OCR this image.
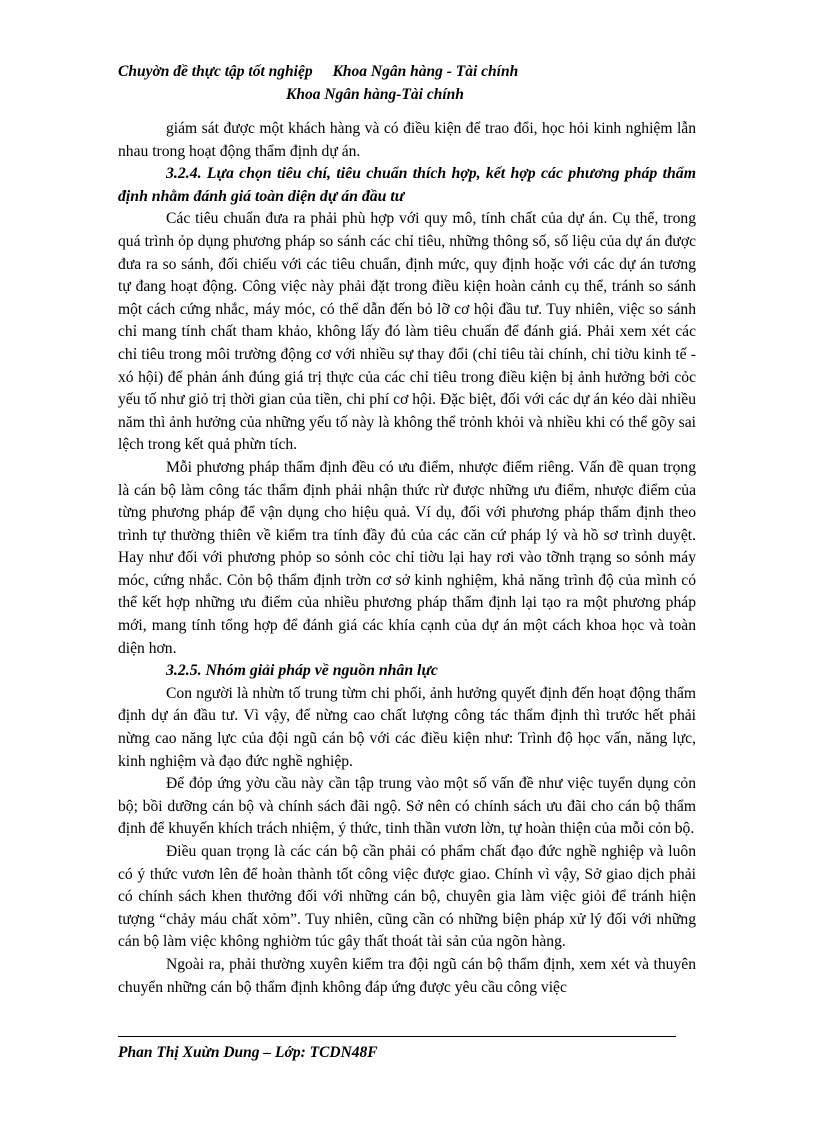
Chuyờn đề thực tập tốt nghiệp Khoa Ngân hàng - Tài chính
Khoa Ngân hàng-Tài chính

giám sát được một khách hàng và có điều kiện để trao đổi, học hỏi kinh nghiệm lẫn nhau trong hoạt động thẩm định dự án.

3.2.4. Lựa chọn tiêu chí, tiêu chuẩn thích hợp, kết hợp các phương pháp thẩm định nhằm đánh giá toàn diện dự án đầu tư

Các tiêu chuẩn đưa ra phải phù hợp với quy mô, tính chất của dự án. Cụ thể, trong quá trình ỏp dụng phương pháp so sánh các chỉ tiêu, những thông số, số liệu của dự án được đưa ra so sánh, đối chiếu với các tiêu chuẩn, định mức, quy định hoặc với các dự án tương tự đang hoạt động. Công việc này phải đặt trong điều kiện hoàn cảnh cụ thể, tránh so sánh một cách cứng nhắc, máy móc, có thể dẫn đến bỏ lỡ cơ hội đầu tư. Tuy nhiên, việc so sánh chỉ mang tính chất tham khảo, không lấy đó làm tiêu chuẩn để đánh giá. Phải xem xét các chỉ tiêu trong môi trường động cơ với nhiều sự thay đổi (chỉ tiêu tài chính, chỉ tiờu kinh tế - xó hội) để phản ánh đúng giá trị thực của các chỉ tiêu trong điều kiện bị ảnh hưởng bởi cỏc yếu tố như giỏ trị thời gian của tiền, chi phí cơ hội. Đặc biệt, đối với các dự án kéo dài nhiều năm thì ảnh hưởng của những yếu tố này là không thể trỏnh khỏi và nhiều khi có thể gõy sai lệch trong kết quả phừn tích.

Mỗi phương pháp thẩm định đều có ưu điểm, nhược điểm riêng. Vấn đề quan trọng là cán bộ làm công tác thẩm định phải nhận thức rừ được những ưu điểm, nhược điểm của từng phương pháp để vận dụng cho hiệu quả. Ví dụ, đối với phương pháp thẩm định theo trình tự thường thiên về kiểm tra tính đầy đủ của các căn cứ pháp lý và hồ sơ trình duyệt. Hay như đối với phương phỏp so sỏnh cỏc chỉ tiờu lại hay rơi vào tỡnh trạng so sỏnh máy móc, cứng nhắc. Cỏn bộ thẩm định trờn cơ sở kinh nghiệm, khả năng trình độ của mình có thể kết hợp những ưu điểm của nhiều phương pháp thẩm định lại tạo ra một phương pháp mới, mang tính tổng hợp để đánh giá các khía cạnh của dự án một cách khoa học và toàn diện hơn.

3.2.5. Nhóm giải pháp về nguồn nhân lực

Con người là nhừn tố trung từm chi phối, ảnh hưởng quyết định đến hoạt động thẩm định dự án đầu tư. Vì vậy, để nừng cao chất lượng công tác thẩm định thì trước hết phải nừng cao năng lực của đội ngũ cán bộ với các điều kiện như: Trình độ học vấn, năng lực, kinh nghiệm và đạo đức nghề nghiệp.

Để đỏp ứng yờu cầu này cần tập trung vào một số vấn đề như việc tuyển dụng cỏn bộ; bồi dưỡng cán bộ và chính sách đãi ngộ. Sở nên có chính sách ưu đãi cho cán bộ thẩm định để khuyến khích trách nhiệm, ý thức, tinh thần vươn lờn, tự hoàn thiện của mỗi cỏn bộ.

Điều quan trọng là các cán bộ cần phải có phẩm chất đạo đức nghề nghiệp và luôn có ý thức vươn lên để hoàn thành tốt công việc được giao. Chính vì vậy, Sở giao dịch phải có chính sách khen thưởng đối với những cán bộ, chuyên gia làm việc giỏi để tránh hiện tượng “chảy máu chất xỏm”. Tuy nhiên, cũng cần có những biện pháp xử lý đối với những cán bộ làm việc không nghiờm túc gây thất thoát tài sản của ngõn hàng.

Ngoài ra, phải thường xuyên kiểm tra đội ngũ cán bộ thẩm định, xem xét và thuyên chuyển những cán bộ thẩm định không đáp ứng được yêu cầu công việc

Phan Thị Xuừn Dung – Lớp: TCDN48F
